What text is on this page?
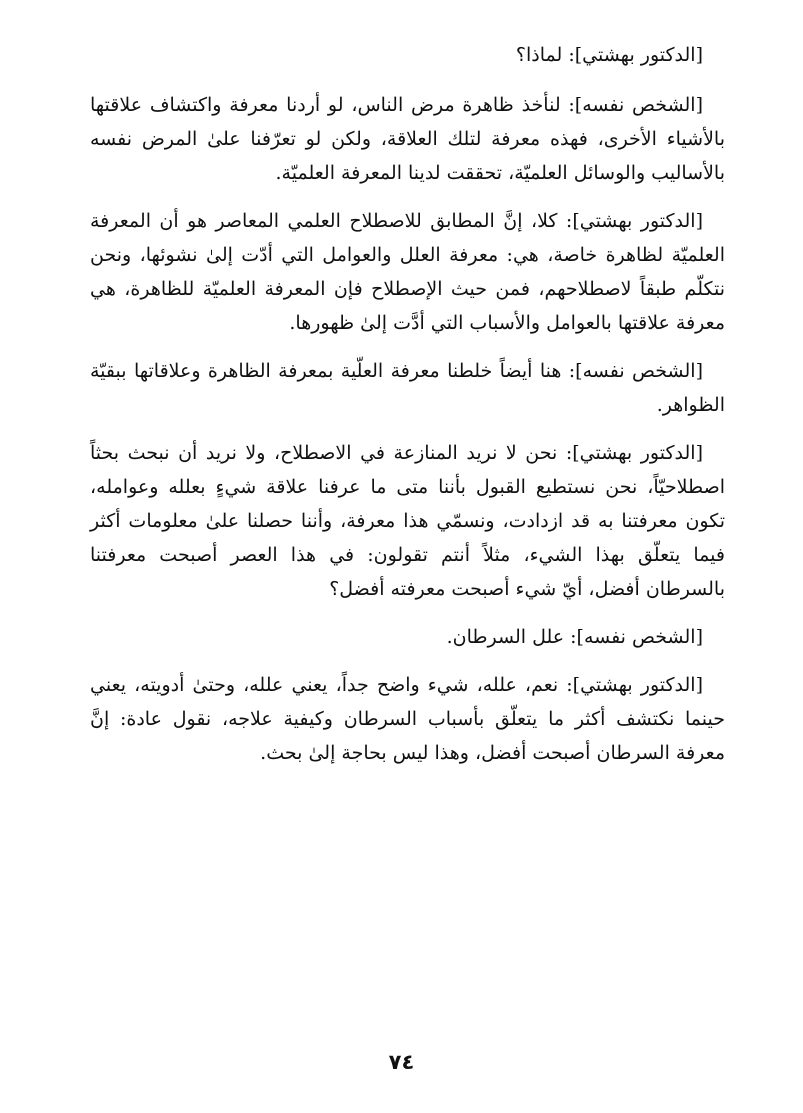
[الدكتور بهشتي]: لماذا؟

[الشخص نفسه]: لنأخذ ظاهرة مرض الناس، لو أردنا معرفة واكتشاف علاقتها بالأشياء الأخرى، فهذه معرفة لتلك العلاقة، ولكن لو تعرّفنا علىٰ المرض نفسه بالأساليب والوسائل العلميّة، تحققت لدينا المعرفة العلميّة.

[الدكتور بهشتي]: كلا، إنَّ المطابق للاصطلاح العلمي المعاصر هو أن المعرفة العلميّة لظاهرة خاصة، هي: معرفة العلل والعوامل التي أدّت إلىٰ نشوئها، ونحن نتكلّم طبقاً لاصطلاحهم، فمن حيث الإصطلاح فإن المعرفة العلميّة للظاهرة، هي معرفة علاقتها بالعوامل والأسباب التي أدَّت إلىٰ ظهورها.

[الشخص نفسه]: هنا أيضاً خلطنا معرفة العلّية بمعرفة الظاهرة وعلاقاتها ببقيّة الظواهر.

[الدكتور بهشتي]: نحن لا نريد المنازعة في الاصطلاح، ولا نريد أن نبحث بحثاً اصطلاحيّاً، نحن نستطيع القبول بأننا متى ما عرفنا علاقة شيءٍ بعلله وعوامله، تكون معرفتنا به قد ازدادت، ونسمّي هذا معرفة، وأننا حصلنا علىٰ معلومات أكثر فيما يتعلّق بهذا الشيء، مثلاً أنتم تقولون: في هذا العصر أصبحت معرفتنا بالسرطان أفضل، أيّ شيء أصبحت معرفته أفضل؟

[الشخص نفسه]: علل السرطان.

[الدكتور بهشتي]: نعم، علله، شيء واضح جداً، يعني علله، وحتىٰ أدويته، يعني حينما نكتشف أكثر ما يتعلّق بأسباب السرطان وكيفية علاجه، نقول عادة: إنَّ معرفة السرطان أصبحت أفضل، وهذا ليس بحاجة إلىٰ بحث.

٧٤
